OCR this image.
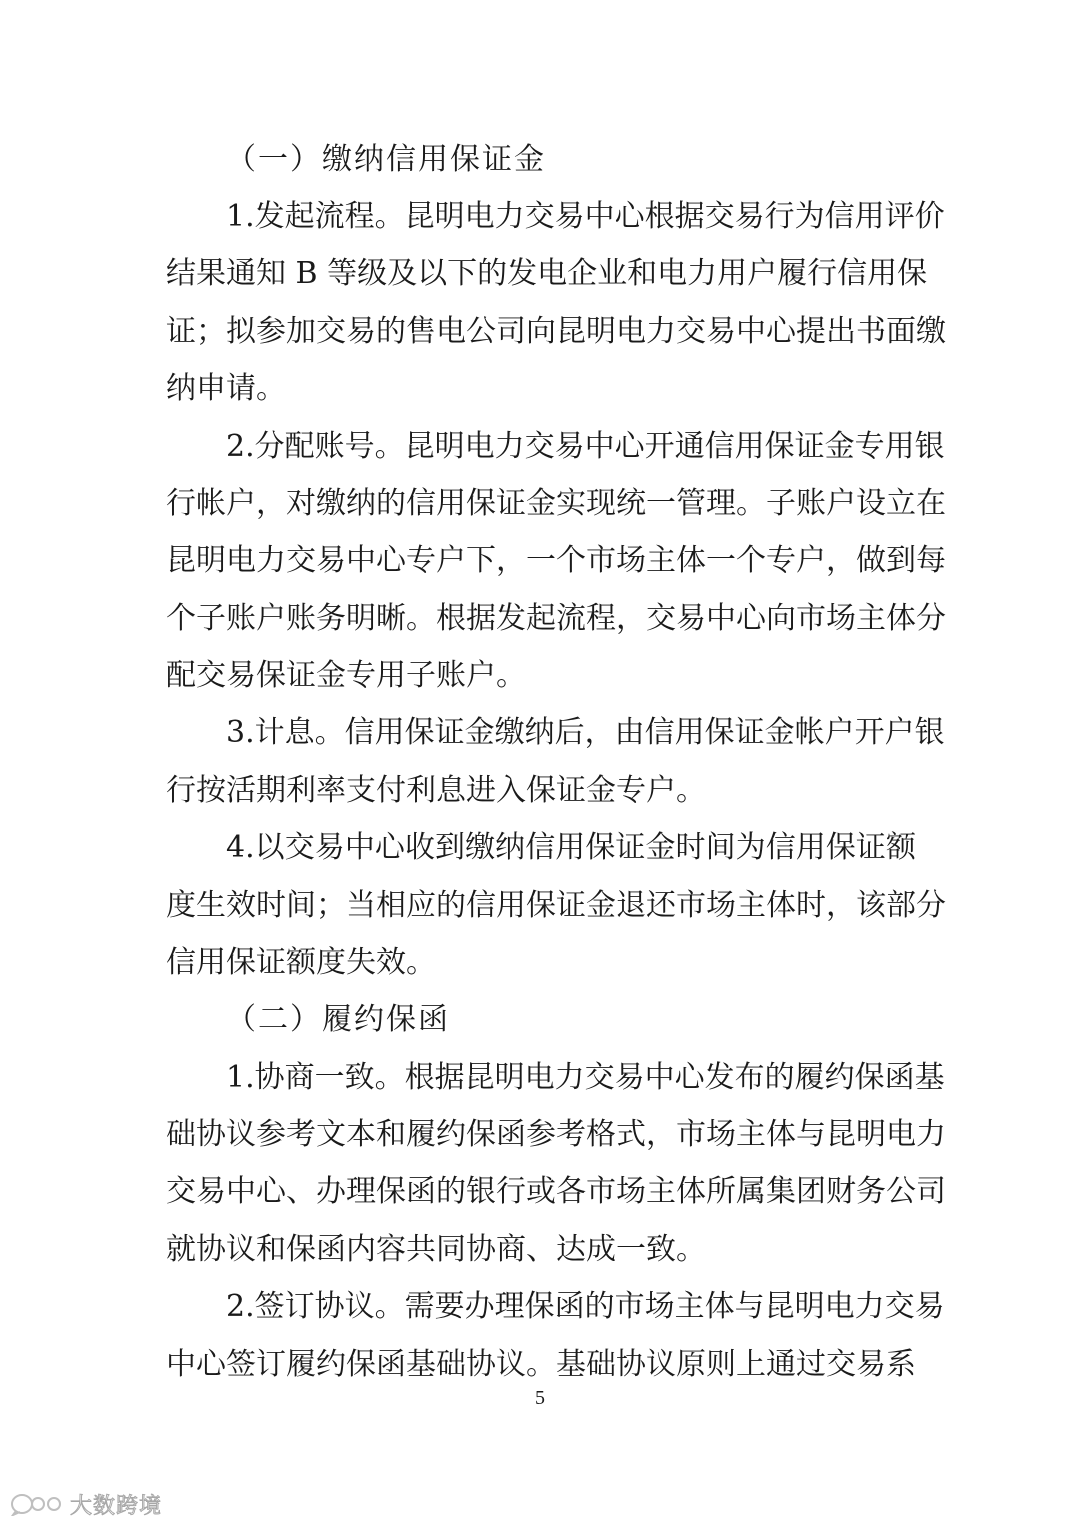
（一）缴纳信用保证金
1.发起流程。昆明电力交易中心根据交易行为信用评价
结果通知 B 等级及以下的发电企业和电力用户履行信用保
证；拟参加交易的售电公司向昆明电力交易中心提出书面缴
纳申请。
2.分配账号。昆明电力交易中心开通信用保证金专用银
行帐户，对缴纳的信用保证金实现统一管理。子账户设立在
昆明电力交易中心专户下，一个市场主体一个专户，做到每
个子账户账务明晰。根据发起流程，交易中心向市场主体分
配交易保证金专用子账户。
3.计息。信用保证金缴纳后，由信用保证金帐户开户银
行按活期利率支付利息进入保证金专户。
4.以交易中心收到缴纳信用保证金时间为信用保证额
度生效时间；当相应的信用保证金退还市场主体时，该部分
信用保证额度失效。
（二）履约保函
1.协商一致。根据昆明电力交易中心发布的履约保函基
础协议参考文本和履约保函参考格式，市场主体与昆明电力
交易中心、办理保函的银行或各市场主体所属集团财务公司
就协议和保函内容共同协商、达成一致。
2.签订协议。需要办理保函的市场主体与昆明电力交易
中心签订履约保函基础协议。基础协议原则上通过交易系
5
大数跨境
